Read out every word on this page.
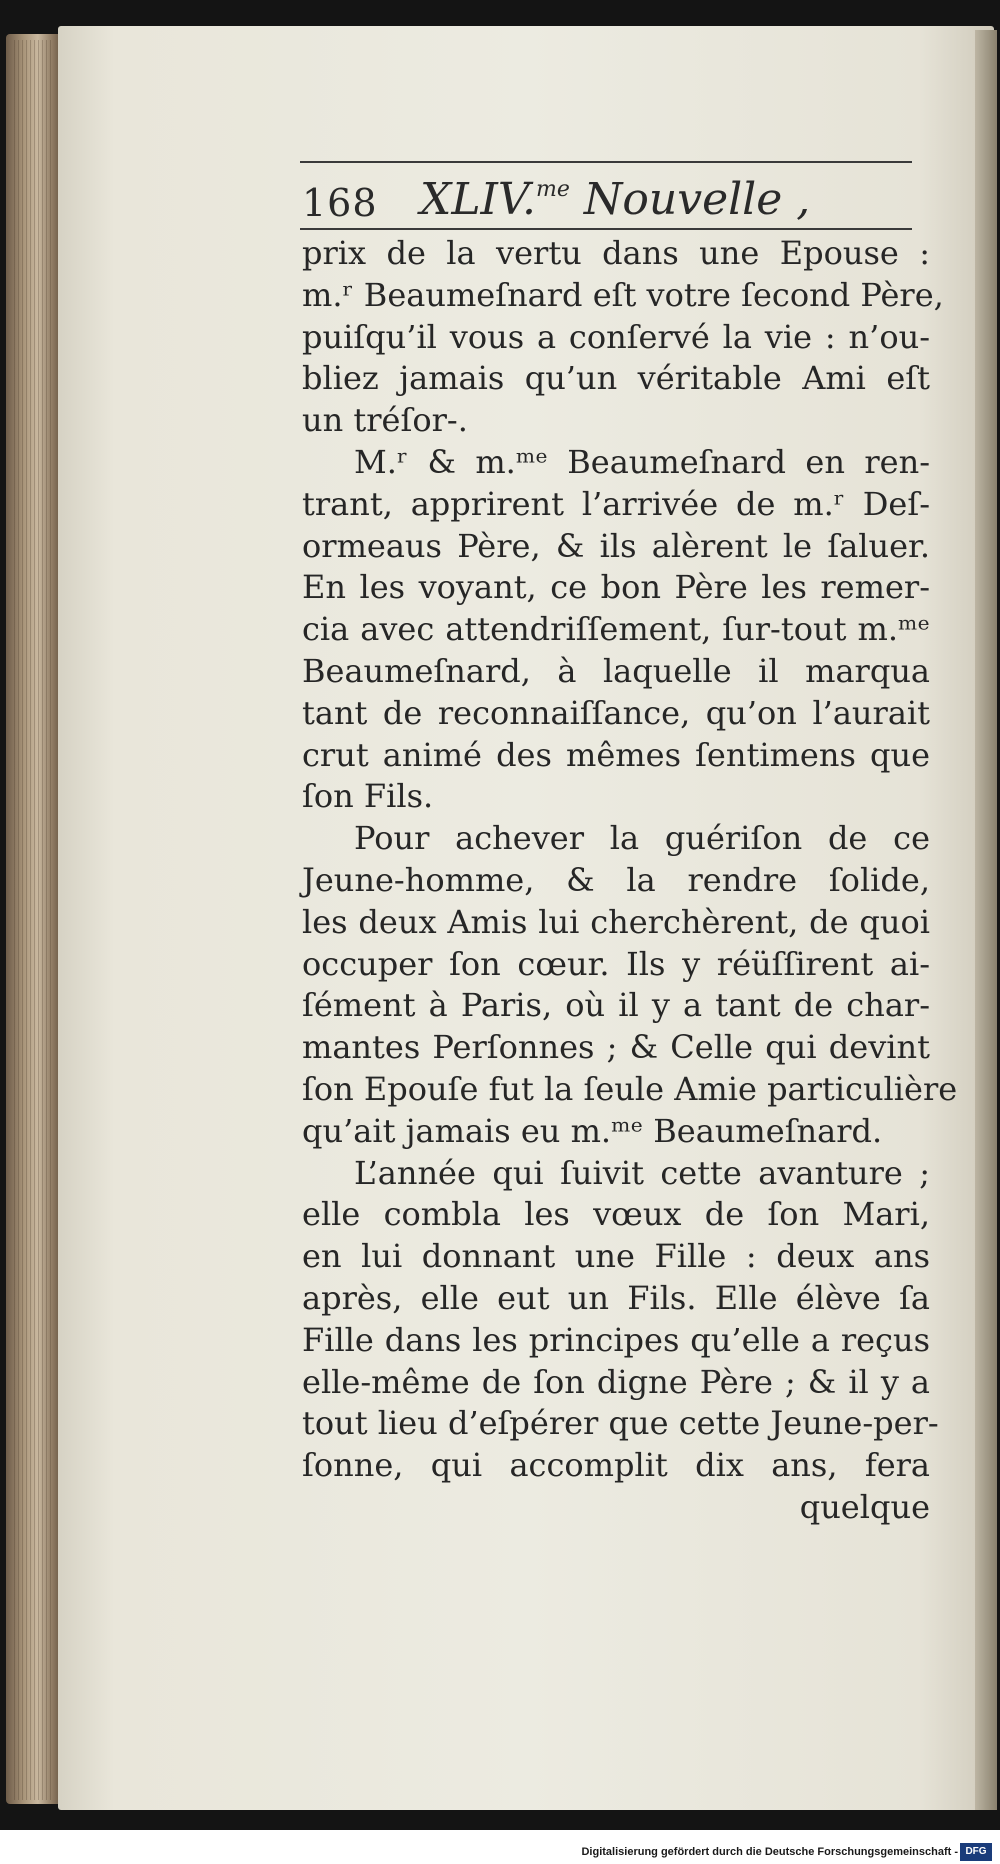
168 XLIV.$^{me}$ Nouvelle ,
prix de la vertu dans une Epouse :
m.ʳ Beaumeſnard eſt votre ſecond Père,
puiſqu’il vous a conſervé la vie : n’ou-
bliez jamais qu’un véritable Ami eſt
un tréſor-.
M.ʳ & m.ᵐᵉ Beaumeſnard en ren-
trant, apprirent l’arrivée de m.ʳ Deſ-
ormeaus Père, & ils alèrent le ſaluer.
En les voyant, ce bon Père les remer-
cia avec attendriſſement, ſur-tout m.ᵐᵉ
Beaumeſnard, à laquelle il marqua
tant de reconnaiſſance, qu’on l’aurait
crut animé des mêmes ſentimens que
ſon Fils.
Pour achever la guériſon de ce
Jeune-homme, & la rendre ſolide,
les deux Amis lui cherchèrent, de quoi
occuper ſon cœur. Ils y réüſſirent ai-
ſément à Paris, où il y a tant de char-
mantes Perſonnes ; & Celle qui devint
ſon Epouſe fut la ſeule Amie particulière
qu’ait jamais eu m.ᵐᵉ Beaumeſnard.
L’année qui ſuivit cette avanture ;
elle combla les vœux de ſon Mari,
en lui donnant une Fille : deux ans
après, elle eut un Fils. Elle élève ſa
Fille dans les principes qu’elle a reçus
elle-même de ſon digne Père ; & il y a
tout lieu d’eſpérer que cette Jeune-per-
ſonne, qui accomplit dix ans, fera
quelque
Digitalisierung gefördert durch die Deutsche Forschungsgemeinschaft - DFG
